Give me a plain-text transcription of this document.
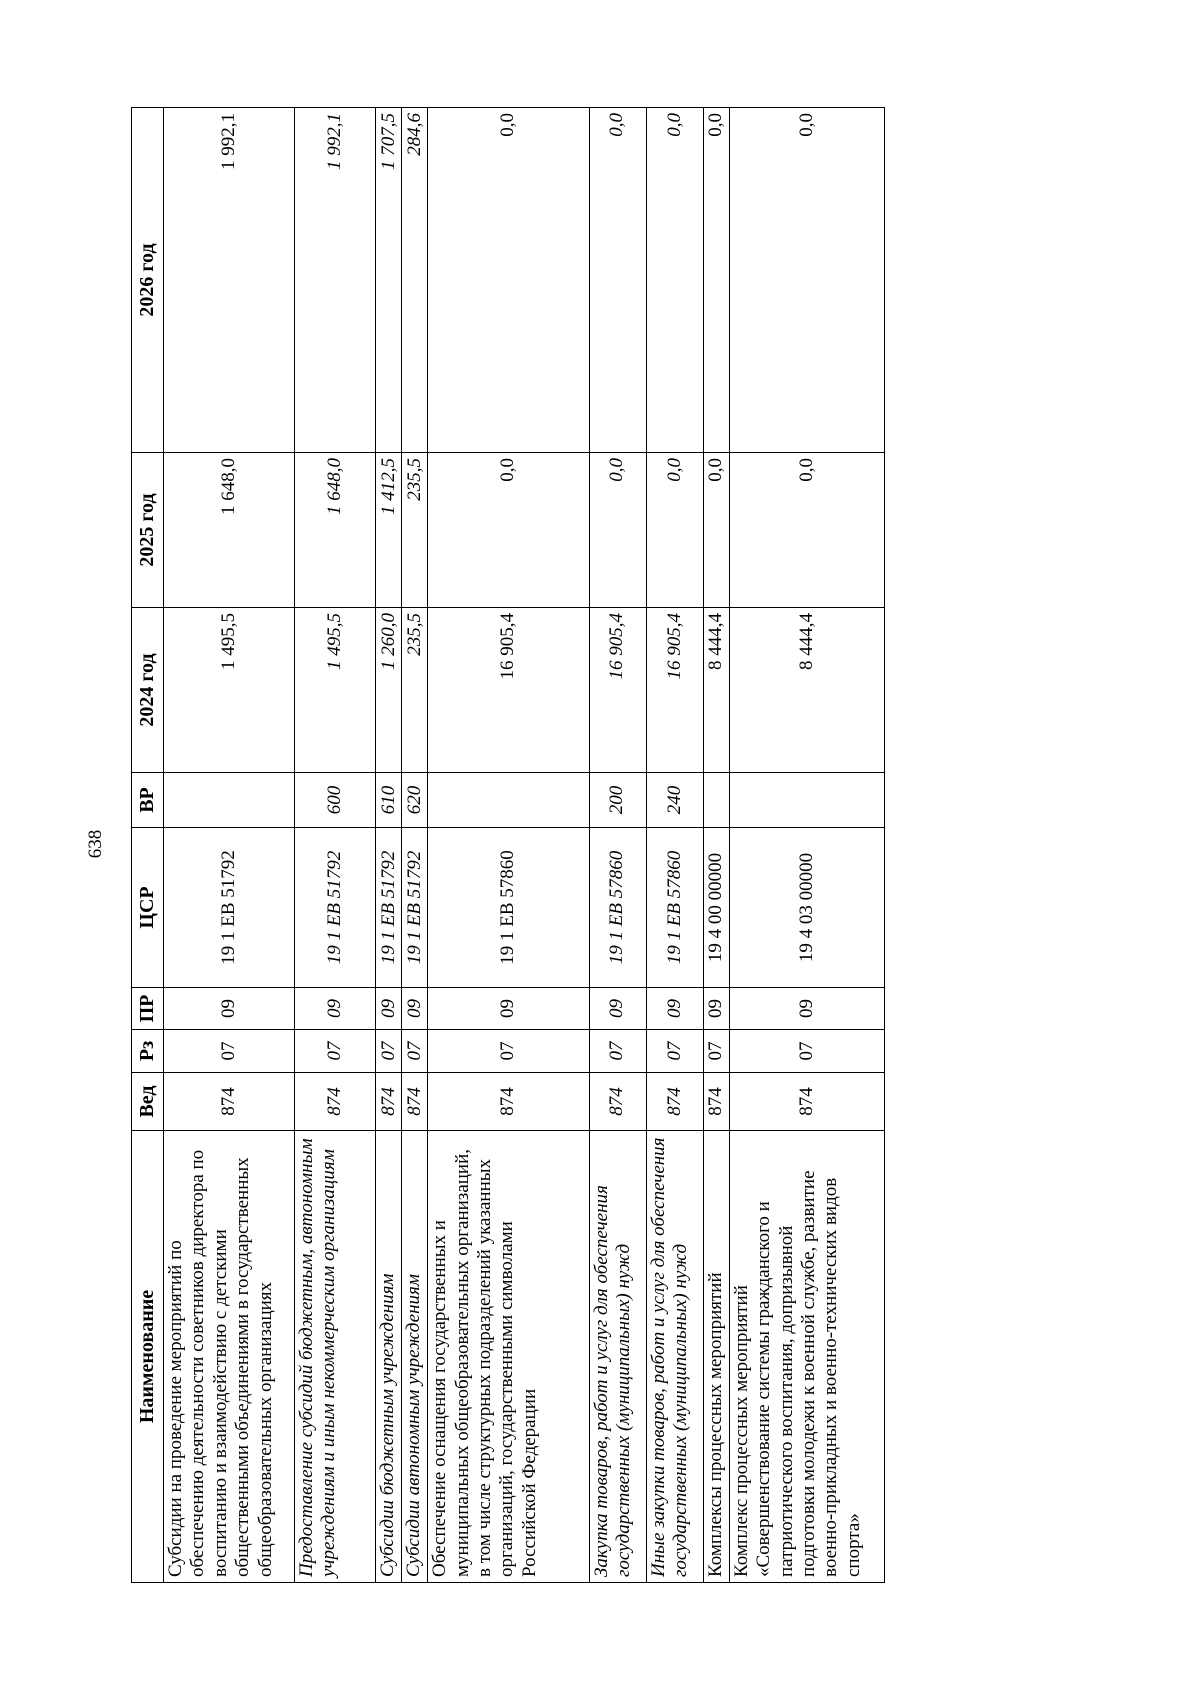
638
Наименование	Вед	Рз	ПР	ЦСР	ВР	2024 год	2025 год	2026 год
Субсидии на проведение мероприятий по обеспечению деятельности советников директора по воспитанию и взаимодействию с детскими общественными объединениями в государственных общеобразовательных организациях	874	07	09	19 1 EB 51792		1 495,5	1 648,0	1 992,1
Предоставление субсидий бюджетным, автономным учреждениям и иным некоммерческим организациям	874	07	09	19 1 EB 51792	600	1 495,5	1 648,0	1 992,1
Субсидии бюджетным учреждениям	874	07	09	19 1 EB 51792	610	1 260,0	1 412,5	1 707,5
Субсидии автономным учреждениям	874	07	09	19 1 EB 51792	620	235,5	235,5	284,6
Обеспечение оснащения государственных и муниципальных общеобразовательных организаций, в том числе структурных подразделений указанных организаций, государственными символами Российской Федерации	874	07	09	19 1 EB 57860		16 905,4	0,0	0,0
Закупка товаров, работ и услуг для обеспечения государственных (муниципальных) нужд	874	07	09	19 1 EB 57860	200	16 905,4	0,0	0,0
Иные закупки товаров, работ и услуг для обеспечения государственных (муниципальных) нужд	874	07	09	19 1 EB 57860	240	16 905,4	0,0	0,0
Комплексы процессных мероприятий	874	07	09	19 4 00 00000		8 444,4	0,0	0,0
Комплекс процессных мероприятий «Совершенствование системы гражданского и патриотического воспитания, допризывной подготовки молодежи к военной службе, развитие военно-прикладных и военно-технических видов спорта»	874	07	09	19 4 03 00000		8 444,4	0,0	0,0
